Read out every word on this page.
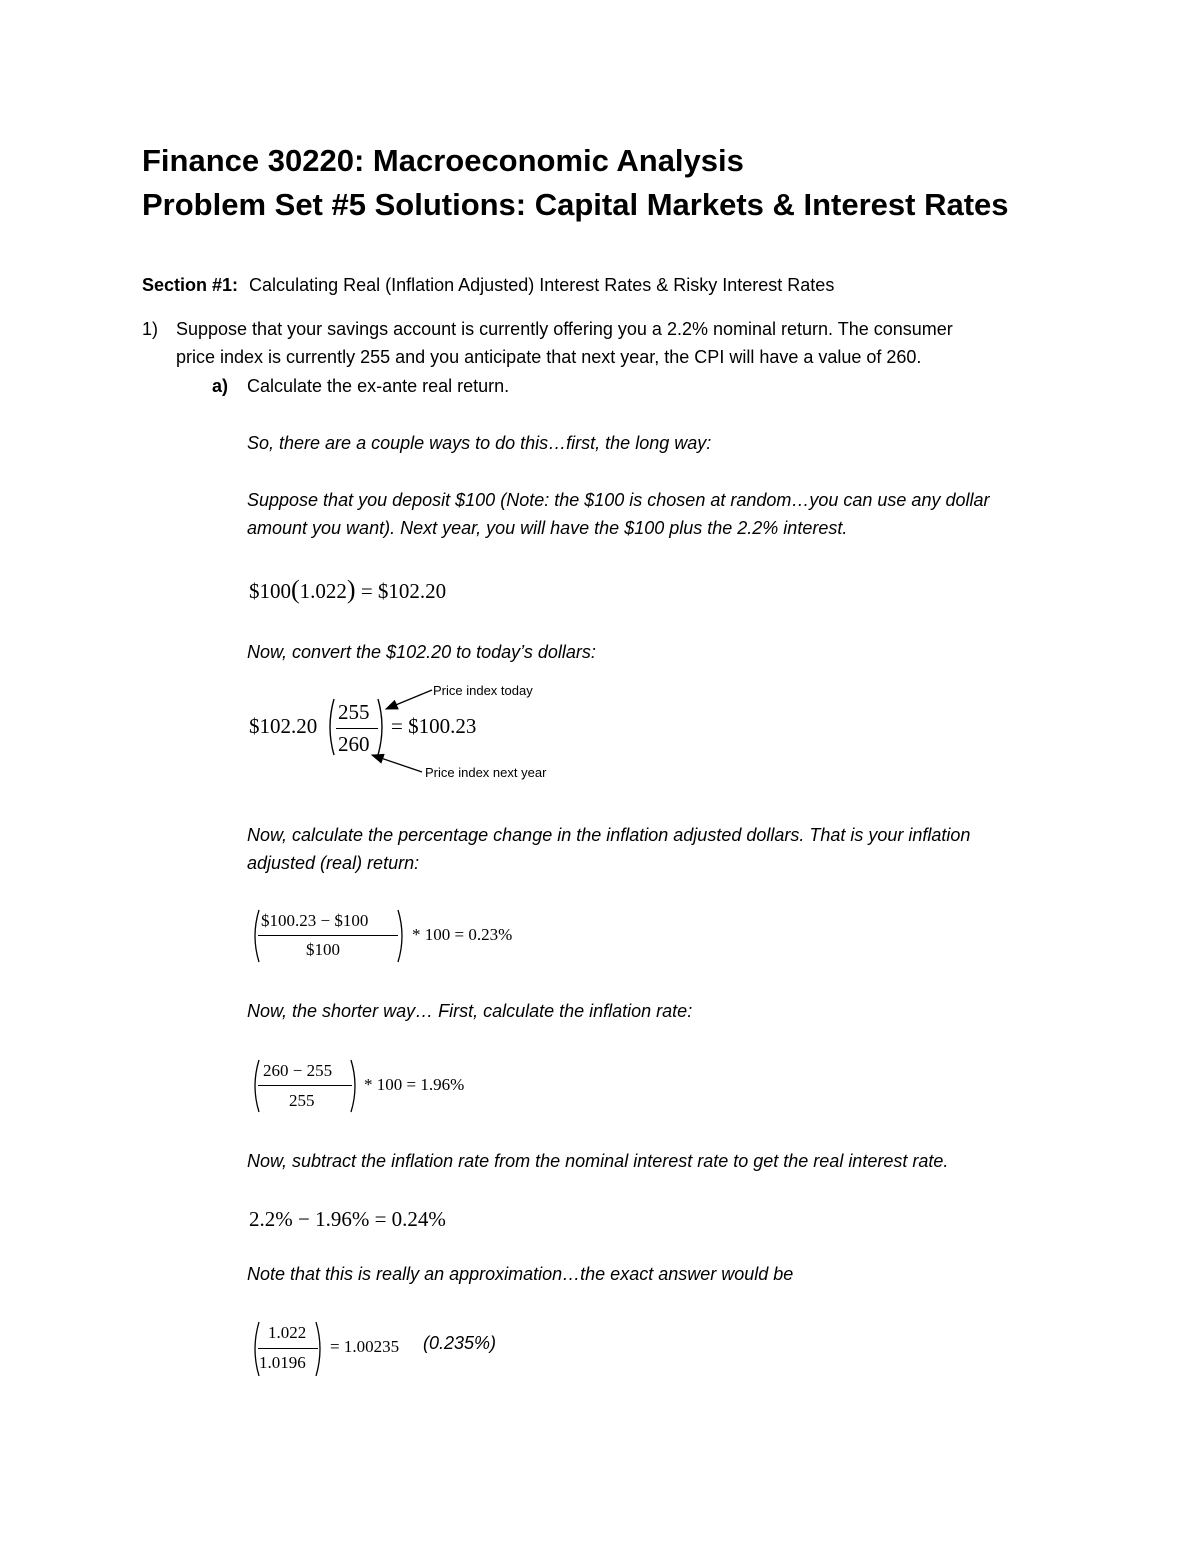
Finance 30220: Macroeconomic Analysis
Problem Set #5 Solutions: Capital Markets & Interest Rates
Section #1: Calculating Real (Inflation Adjusted) Interest Rates & Risky Interest Rates
1) Suppose that your savings account is currently offering you a 2.2% nominal return. The consumer
price index is currently 255 and you anticipate that next year, the CPI will have a value of 260.
a) Calculate the ex-ante real return.
So, there are a couple ways to do this…first, the long way:
Suppose that you deposit $100 (Note: the $100 is chosen at random…you can use any dollar
amount you want). Next year, you will have the $100 plus the 2.2% interest.
$100(1.022) = $102.20
Now, convert the $102.20 to today’s dollars:
$102.20
255
260
= $100.23
Price index today
Price index next year
Now, calculate the percentage change in the inflation adjusted dollars. That is your inflation
adjusted (real) return:
$100.23 − $100
$100
* 100 = 0.23%
Now, the shorter way… First, calculate the inflation rate:
260 − 255
255
* 100 = 1.96%
Now, subtract the inflation rate from the nominal interest rate to get the real interest rate.
2.2% − 1.96% = 0.24%
Note that this is really an approximation…the exact answer would be
1.022
1.0196
= 1.00235 (0.235%)
